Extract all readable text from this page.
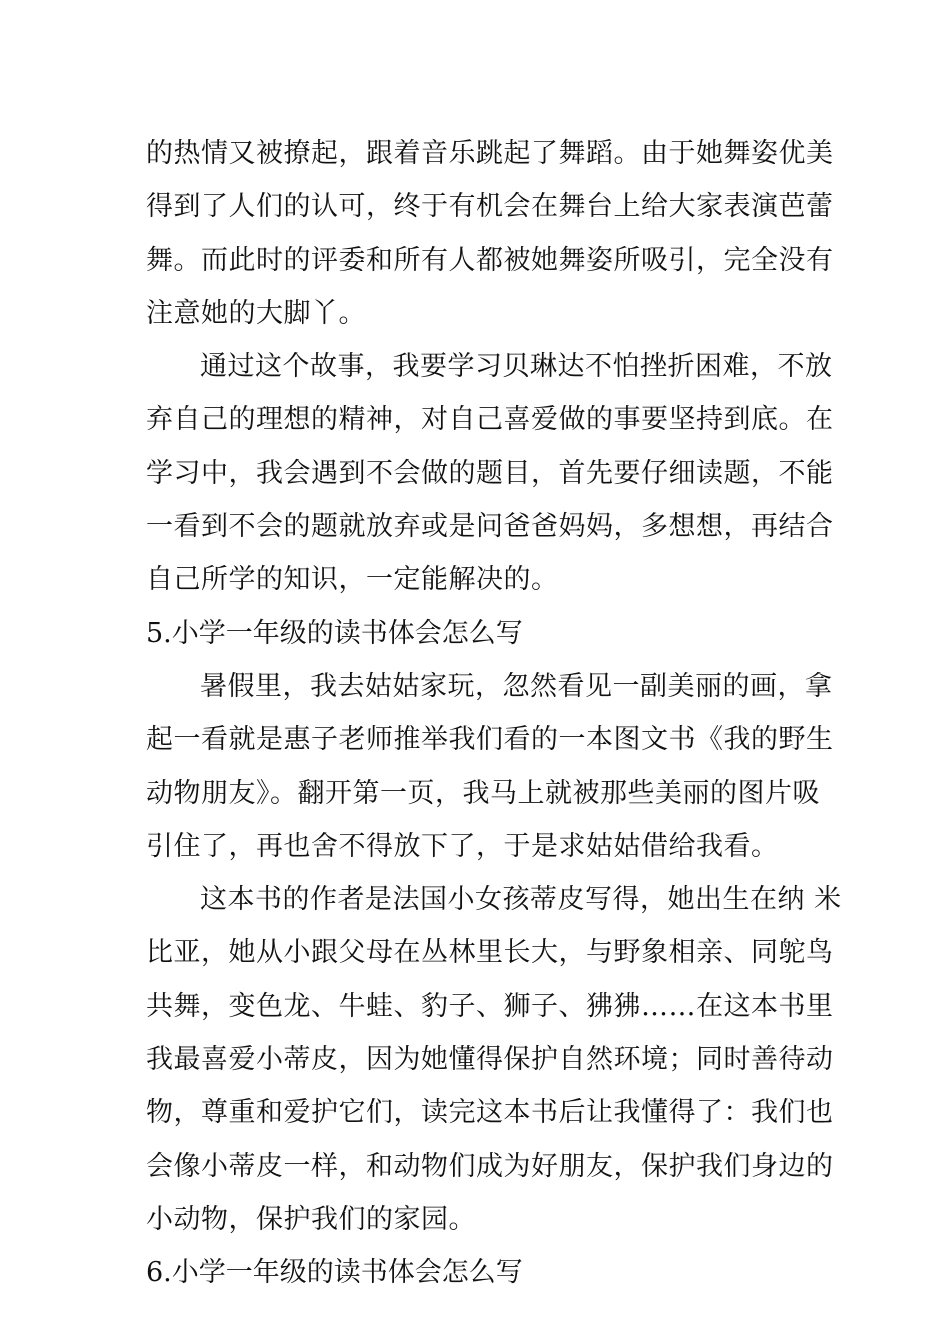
的热情又被撩起，跟着音乐跳起了舞蹈。由于她舞姿优美
得到了人们的认可，终于有机会在舞台上给大家表演芭蕾
舞。而此时的评委和所有人都被她舞姿所吸引，完全没有
注意她的大脚丫。
通过这个故事，我要学习贝琳达不怕挫折困难，不放
弃自己的理想的精神，对自己喜爱做的事要坚持到底。在
学习中，我会遇到不会做的题目，首先要仔细读题，不能
一看到不会的题就放弃或是问爸爸妈妈，多想想，再结合
自己所学的知识，一定能解决的。
5.小学一年级的读书体会怎么写
暑假里，我去姑姑家玩，忽然看见一副美丽的画，拿
起一看就是惠子老师推举我们看的一本图文书《我的野生
动物朋友》。翻开第一页，我马上就被那些美丽的图片吸
引住了，再也舍不得放下了，于是求姑姑借给我看。
这本书的作者是法国小女孩蒂皮写得，她出生在纳 米
比亚，她从小跟父母在丛林里长大，与野象相亲、同鸵鸟
共舞，变色龙、牛蛙、豹子、狮子、狒狒……在这本书里
我最喜爱小蒂皮，因为她懂得保护自然环境；同时善待动
物，尊重和爱护它们，读完这本书后让我懂得了：我们也
会像小蒂皮一样，和动物们成为好朋友，保护我们身边的
小动物，保护我们的家园。
6.小学一年级的读书体会怎么写
